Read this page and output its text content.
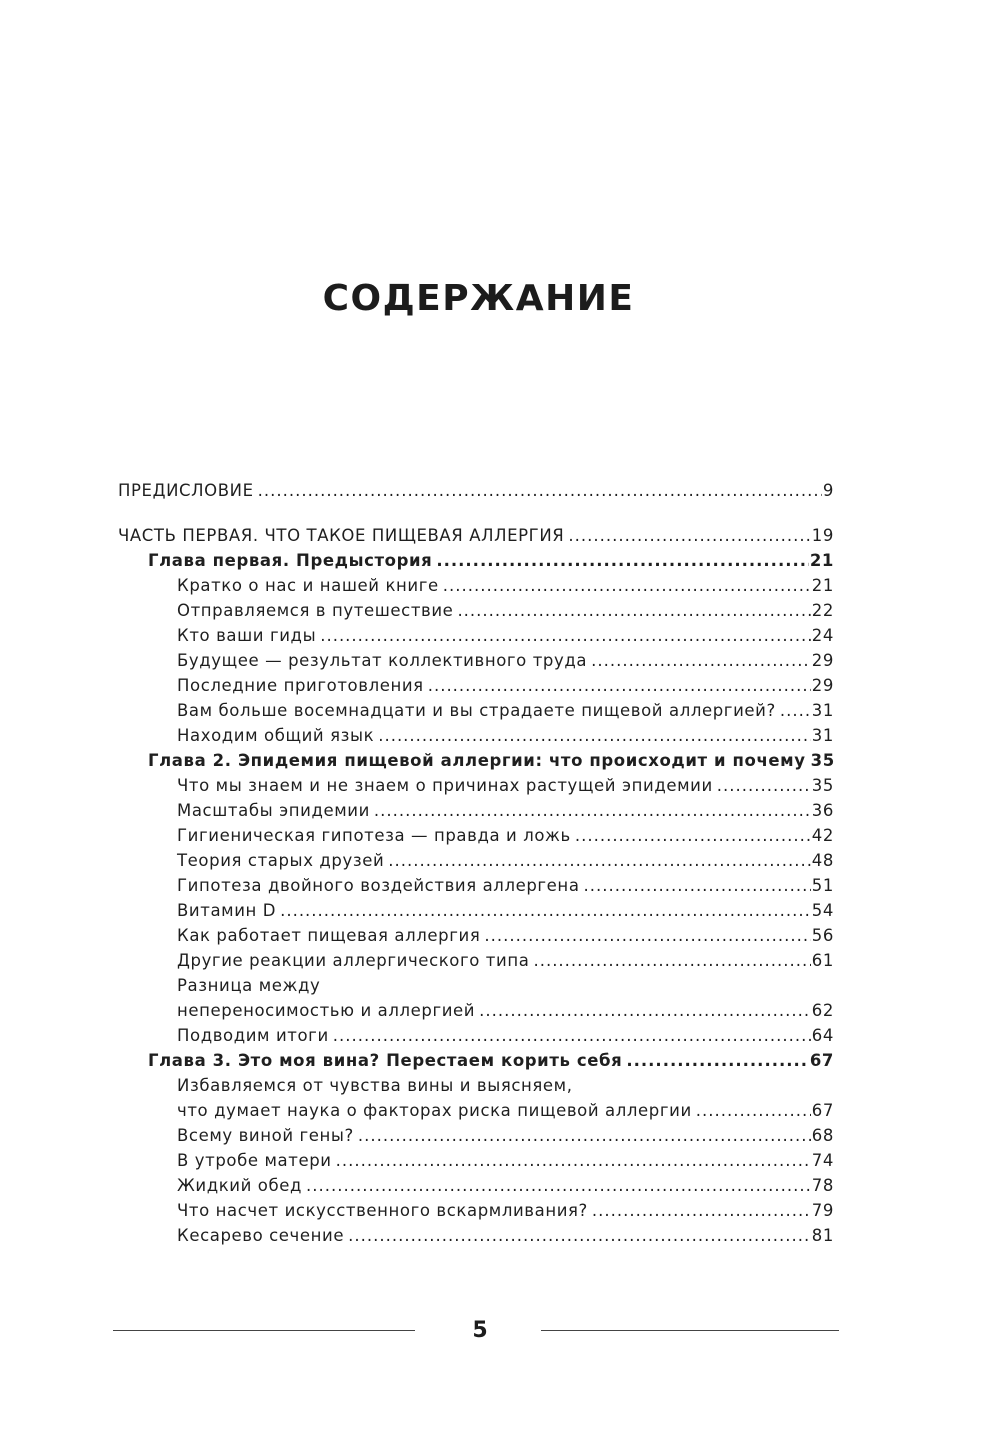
СОДЕРЖАНИЕ
ПРЕДИСЛОВИЕ .....	9
ЧАСТЬ ПЕРВАЯ. ЧТО ТАКОЕ ПИЩЕВАЯ АЛЛЕРГИЯ .....	19
Глава первая. Предыстория .....	21
Кратко о нас и нашей книге .....	21
Отправляемся в путешествие .....	22
Кто ваши гиды .....	24
Будущее — результат коллективного труда .....	29
Последние приготовления .....	29
Вам больше восемнадцати и вы страдаете пищевой аллергией? ..... 31
Находим общий язык .....	31
Глава 2. Эпидемия пищевой аллергии: что происходит и почему 35
Что мы знаем и не знаем о причинах растущей эпидемии .....	35
Масштабы эпидемии .....	36
Гигиеническая гипотеза — правда и ложь .....	42
Теория старых друзей .....	48
Гипотеза двойного воздействия аллергена .....	51
Витамин D .....	54
Как работает пищевая аллергия .....	56
Другие реакции аллергического типа .....	61
Разница между
непереносимостью и аллергией .....	62
Подводим итоги .....	64
Глава 3. Это моя вина? Перестаем корить себя .....	67
Избавляемся от чувства вины и выясняем,
что думает наука о факторах риска пищевой аллергии .....	67
Всему виной гены? .....	68
В утробе матери .....	74
Жидкий обед .....	78
Что насчет искусственного вскармливания? .....	79
Кесарево сечение .....	81
5
